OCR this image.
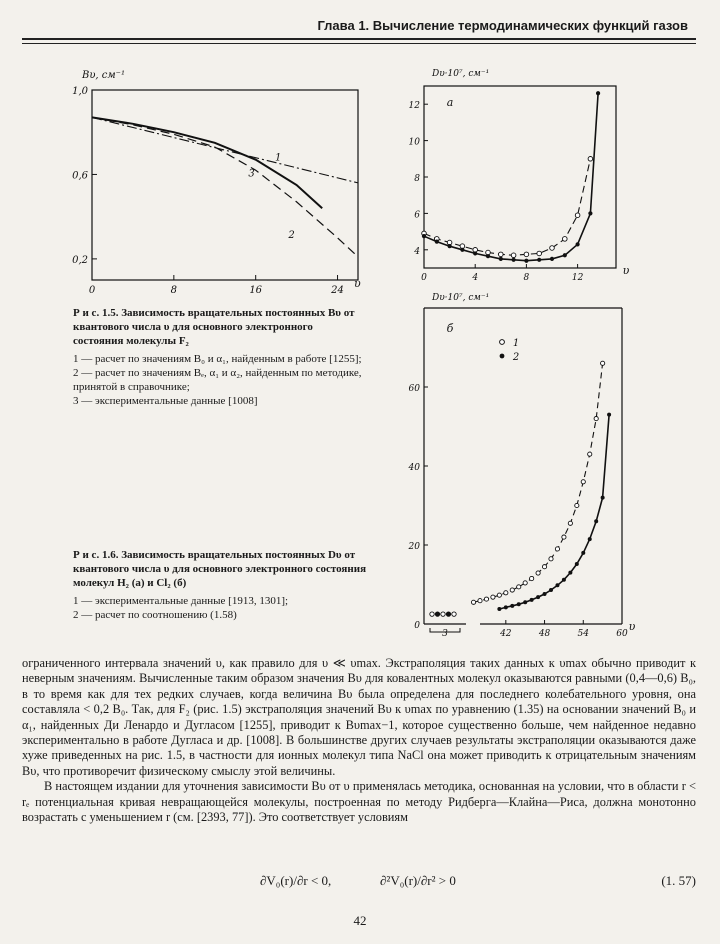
Глава 1. Вычисление термодинамических функций газов
Bυ, см⁻¹
υ
0	8	16	24
1,0
0,6
0,2
1
2
3

Р и с. 1.5. Зависимость вращательных постоянных Bυ от квантового числа υ для основного электронного состояния молекулы F₂

1 — расчет по значениям B₀ и α₁, найденным в работе [1255];

2 — расчет по значениям Bₑ, α₁ и α₂, найденным по методике, принятой в справочнике;

3 — экспериментальные данные [1008]

Dυ·10⁷, см⁻¹
а
υ
0	4	8	12
4
6
8
10
12
Dυ·10⁷, см⁻¹
б
0
20
40
60
3	42	48	54	60
υ
1
2

Р и с. 1.6. Зависимость вращательных постоянных Dυ от квантового числа υ для основного электронного состояния молекул H₂ (а) и Cl₂ (б)

1 — экспериментальные данные [1913, 1301];

2 — расчет по соотношению (1.58)

ограниченного интервала значений υ, как правило для υ ≪ υmax. Экстраполяция таких данных к υmax обычно приводит к неверным значениям. Вычисленные таким образом значения Bυ для ковалентных молекул оказываются равными (0,4—0,6) B₀, в то время как для тех редких случаев, когда величина Bυ была определена для последнего колебательного уровня, она составляла < 0,2 B₀. Так, для F₂ (рис. 1.5) экстраполяция значений Bυ к υmax по уравнению (1.35) на основании значений B₀ и α₁, найденных Ди Ленардо и Дугласом [1255], приводит к Bυmax−1, которое существенно больше, чем найденное недавно экспериментально в работе Дугласа и др. [1008]. В большинстве других случаев результаты экстраполяции оказываются даже хуже приведенных на рис. 1.5, в частности для ионных молекул типа NaCl она может приводить к отрицательным значениям Bυ, что противоречит физическому смыслу этой величины.

В настоящем издании для уточнения зависимости Bυ от υ применялась методика, основанная на условии, что в области r < rₑ потенциальная кривая невращающейся молекулы, построенная по методу Ридберга—Клайна—Риса, должна монотонно возрастать с уменьшением r (см. [2393, 77]). Это соответствует условиям

∂V₀(r)/∂r < 0,	∂²V₀(r)/∂r² > 0	(1. 57)
42
